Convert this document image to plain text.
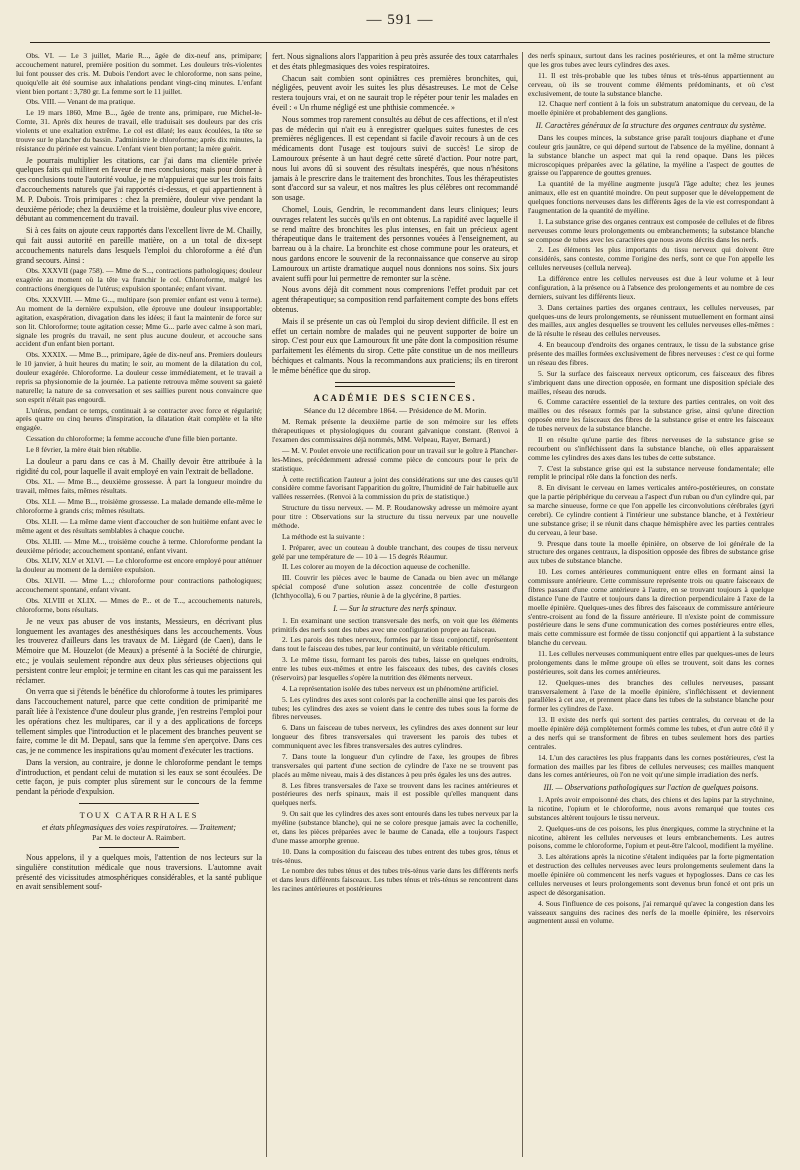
— 591 —

Obs. VI. — Le 3 juillet, Marie R..., âgée de dix-neuf ans, primipare; accouchement naturel, première position du sommet. Les douleurs très-violentes lui font pousser des cris. M. Dubois l'endort avec le chloroforme, non sans peine, quoiqu'elle ait été soumise aux inhalations pendant vingt-cinq minutes. L'enfant vient bien portant : 3,780 gr. La femme sort le 11 juillet.

Obs. VIII. — Venant de ma pratique.

Le 19 mars 1860, Mme B..., âgée de trente ans, primipare, rue Michel-le-Comte, 31. Après dix heures de travail, elle traduisait ses douleurs par des cris violents et une exaltation extrême. Le col est dilaté; les eaux écoulées, la tête se trouve sur le plancher du bassin. J'administre le chloroforme; après dix minutes, la résistance du périnée est vaincue. L'enfant vient bien portant; la mère guérit.

Je pourrais multiplier les citations, car j'ai dans ma clientèle privée quelques faits qui militent en faveur de mes conclusions; mais pour donner à ces conclusions toute l'autorité voulue, je ne m'appuierai que sur les trois faits d'accouchements naturels que j'ai rapportés ci-dessus, et qui appartiennent à M. P. Dubois. Trois primipares : chez la première, douleur vive pendant la deuxième période; chez la deuxième et la troisième, douleur plus vive encore, débutant au commencement du travail.

Si à ces faits on ajoute ceux rapportés dans l'excellent livre de M. Chailly, qui fait aussi autorité en pareille matière, on a un total de dix-sept accouchements naturels dans lesquels l'emploi du chloroforme a été d'un grand secours. Ainsi :

Obs. XXXVII (page 758). — Mme de S..., contractions pathologiques; douleur exagérée au moment où la tête va franchir le col. Chloroforme, malgré les contractions énergiques de l'utérus; expulsion spontanée; enfant vivant.

Obs. XXXVIII. — Mme G..., multipare (son premier enfant est venu à terme). Au moment de la dernière expulsion, elle éprouve une douleur insupportable; agitation, exaspération, divagation dans les idées; il faut la maintenir de force sur son lit. Chloroforme; toute agitation cesse; Mme G... parle avec calme à son mari, signale les progrès du travail, ne sent plus aucune douleur, et accouche sans accident d'un enfant bien portant.

Obs. XXXIX. — Mme B..., primipare, âgée de dix-neuf ans. Premiers douleurs le 10 janvier, à huit heures du matin; le soir, au moment de la dilatation du col, douleur exagérée. Chloroforme. La douleur cesse immédiatement, et le travail a repris sa physionomie de la journée. La patiente retrouva même souvent sa gaieté naturelle; la nature de sa conversation et ses saillies purent nous convaincre que son esprit n'était pas engourdi.

L'utérus, pendant ce temps, continuait à se contracter avec force et régularité; après quatre ou cinq heures d'inspiration, la dilatation était complète et la tête engagée.

Cessation du chloroforme; la femme accouche d'une fille bien portante.

Le 8 février, la mère était bien rétablie.

La douleur a paru dans ce cas à M. Chailly devoir être attribuée à la rigidité du col, pour laquelle il avait employé en vain l'extrait de belladone.

Obs. XL. — Mme B..., deuxième grossesse. À part la longueur moindre du travail, mêmes faits, mêmes résultats.

Obs. XLI. — Mme B..., troisième grossesse. La malade demande elle-même le chloroforme à grands cris; mêmes résultats.

Obs. XLII. — La même dame vient d'accoucher de son huitième enfant avec le même agent et des résultats semblables à chaque couche.

Obs. XLIII. — Mme M..., troisième couche à terme. Chloroforme pendant la deuxième période; accouchement spontané, enfant vivant.

Obs. XLIV, XLV et XLVI. — Le chloroforme est encore employé pour atténuer la douleur au moment de la dernière expulsion.

Obs. XLVII. — Mme L...; chloroforme pour contractions pathologiques; accouchement spontané, enfant vivant.

Obs. XLVIII et XLIX. — Mmes de P... et de T..., accouchements naturels, chloroforme, bons résultats.

Je ne veux pas abuser de vos instants, Messieurs, en décrivant plus longuement les avantages des anesthésiques dans les accouchements. Vous les trouverez d'ailleurs dans les travaux de M. Liègard (de Caen), dans le Mémoire que M. Houzelot (de Meaux) a présenté à la Société de chirurgie, etc.; je voulais seulement répondre aux deux plus sérieuses objections qui persistent contre leur emploi; je termine en citant les cas qui me paraissent les réclamer.

On verra que si j'étends le bénéfice du chloroforme à toutes les primipares dans l'accouchement naturel, parce que cette condition de primiparité me paraît liée à l'existence d'une douleur plus grande, j'en restreins l'emploi pour les opérations chez les multipares, car il y a des applications de forceps tellement simples que l'introduction et le placement des branches peuvent se faire, comme le dit M. Depaul, sans que la femme s'en aperçoive. Dans ces cas, je ne commence les inspirations qu'au moment d'exécuter les tractions.

Dans la version, au contraire, je donne le chloroforme pendant le temps d'introduction, et pendant celui de mutation si les eaux se sont écoulées. De cette façon, je puis compter plus sûrement sur le concours de la femme pendant la période d'expulsion.

TOUX CATARRHALES
et états phlegmasiques des voies respiratoires. — Traitement;
Par M. le docteur A. Raimbert.

Nous appelons, il y a quelques mois, l'attention de nos lecteurs sur la singulière constitution médicale que nous traversions. L'automne avait présenté des vicissitudes atmosphériques considérables, et la santé publique en avait sensiblement souf-

fert. Nous signalions alors l'apparition à peu près assurée des toux catarrhales et des états phlegmasiques des voies respiratoires.

Chacun sait combien sont opiniâtres ces premières bronchites, qui, négligées, peuvent avoir les suites les plus désastreuses. Le mot de Celse restera toujours vrai, et on ne saurait trop le répéter pour tenir les malades en éveil : « Un rhume négligé est une phthisie commencée. »

Nous sommes trop rarement consultés au début de ces affections, et il n'est pas de médecin qui n'ait eu à enregistrer quelques suites funestes de ces premières négligences. Il est cependant si facile d'avoir recours à un de ces médicaments dont l'usage est toujours suivi de succès! Le sirop de Lamouroux présente à un haut degré cette sûreté d'action. Pour notre part, nous lui avons dû si souvent des résultats inespérés, que nous n'hésitons jamais à le prescrire dans le traitement des bronchites. Tous les thérapeutistes sont d'accord sur sa valeur, et nos maîtres les plus célèbres ont recommandé son usage.

Chomel, Louis, Gendrin, le recommandent dans leurs cliniques; leurs ouvrages relatent les succès qu'ils en ont obtenus. La rapidité avec laquelle il se rend maître des bronchites les plus intenses, en fait un précieux agent thérapeutique dans le traitement des personnes vouées à l'enseignement, au barreau ou à la chaire. La bronchite est chose commune pour les orateurs, et nous gardons encore le souvenir de la reconnaissance que conserve au sirop Lamouroux un artiste dramatique auquel nous donnions nos soins. Six jours avaient suffi pour lui permettre de remonter sur la scène.

Nous avons déjà dit comment nous comprenions l'effet produit par cet agent thérapeutique; sa composition rend parfaitement compte des bons effets obtenus.

Mais il se présente un cas où l'emploi du sirop devient difficile. Il est en effet un certain nombre de malades qui ne peuvent supporter de boire un sirop. C'est pour eux que Lamouroux fit une pâte dont la composition résume parfaitement les éléments du sirop. Cette pâte constitue un de nos meilleurs béchiques et calmants. Nous la recommandons aux praticiens; ils en tireront le même bénéfice que du sirop.

ACADÉMIE DES SCIENCES.
Séance du 12 décembre 1864. — Présidence de M. Morin.

M. Remak présente la deuxième partie de son mémoire sur les effets thérapeutiques et physiologiques du courant galvanique constant. (Renvoi à l'examen des commissaires déjà nommés, MM. Velpeau, Rayer, Bernard.)

— M. V. Poulet envoie une rectification pour un travail sur le goître à Plancher-les-Mines, précédemment adressé comme pièce de concours pour le prix de statistique.

À cette rectification l'auteur a joint des considérations sur une des causes qu'il considère comme favorisant l'apparition du goître, l'humidité de l'air habituelle aux vallées resserrées. (Renvoi à la commission du prix de statistique.)

Structure du tissu nerveux. — M. P. Roudanowsky adresse un mémoire ayant pour titre : Observations sur la structure du tissu nerveux par une nouvelle méthode.

La méthode est la suivante :

I. Préparer, avec un couteau à double tranchant, des coupes de tissu nerveux gelé par une température de — 10 à — 15 degrés Réaumur.

II. Les colorer au moyen de la décoction aqueuse de cochenille.

III. Couvrir les pièces avec le baume de Canada ou bien avec un mélange spécial composé d'une solution assez concentrée de colle d'esturgeon (Ichthyocolla), 6 ou 7 parties, réunie à de la glycérine, 8 parties.

I. — Sur la structure des nerfs spinaux.

1. En examinant une section transversale des nerfs, on voit que les éléments primitifs des nerfs sont des tubes avec une configuration propre au faisceau.

2. Les parois des tubes nerveux, formées par le tissu conjonctif, représentent dans tout le faisceau des tubes, par leur continuité, un véritable réticulum.

3. Le même tissu, formant les parois des tubes, laisse en quelques endroits, entre les tubes eux-mêmes et entre les faisceaux des tubes, des cavités closes (réservoirs) par lesquelles s'opère la nutrition des éléments nerveux.

4. La représentation isolée des tubes nerveux est un phénomène artificiel.

5. Les cylindres des axes sont colorés par la cochenille ainsi que les parois des tubes; les cylindres des axes se voient dans le centre des tubes sous la forme de fibres nerveuses.

6. Dans un faisceau de tubes nerveux, les cylindres des axes donnent sur leur longueur des fibres transversales qui traversent les parois des tubes et communiquent avec les fibres transversales des autres cylindres.

7. Dans toute la longueur d'un cylindre de l'axe, les groupes de fibres transversales qui partent d'une section de cylindre de l'axe ne se trouvent pas placés au même niveau, mais à des distances à peu près égales les uns des autres.

8. Les fibres transversales de l'axe se trouvent dans les racines antérieures et postérieures des nerfs spinaux, mais il est possible qu'elles manquent dans quelques nerfs.

9. On sait que les cylindres des axes sont entourés dans les tubes nerveux par la myéline (substance blanche), qui ne se colore presque jamais avec la cochenille, et, dans les pièces préparées avec le baume de Canada, elle a toujours l'aspect d'une masse amorphe grenue.

10. Dans la composition du faisceau des tubes entrent des tubes gros, ténus et très-ténus.

Le nombre des tubes ténus et des tubes très-ténus varie dans les différents nerfs et dans leurs différents faisceaux. Les tubes ténus et très-ténus se rencontrent dans les racines antérieures et postérieures

des nerfs spinaux, surtout dans les racines postérieures, et ont la même structure que les gros tubes avec leurs cylindres des axes.

11. Il est très-probable que les tubes ténus et très-ténus appartiennent au cerveau, où ils se trouvent comme éléments prédominants, et où c'est exclusivement, de toute la substance blanche.

12. Chaque nerf contient à la fois un substratum anatomique du cerveau, de la moelle épinière et probablement des ganglions.

II. Caractères généraux de la structure des organes centraux du système.

Dans les coupes minces, la substance grise paraît toujours diaphane et d'une couleur gris jaunâtre, ce qui dépend surtout de l'absence de la myéline, donnant à la substance blanche un aspect mat qui la rend opaque. Dans les pièces microscopiques préparées avec la gélatine, la myéline a l'aspect de gouttes de graisse ou l'apparence de gouttes grenues.

La quantité de la myéline augmente jusqu'à l'âge adulte; chez les jeunes animaux, elle est en quantité moindre. On peut supposer que le développement de quelques fonctions nerveuses dans les différents âges de la vie est correspondant à l'augmentation de la quantité de myéline.

1. La substance grise des organes centraux est composée de cellules et de fibres nerveuses comme leurs prolongements ou embranchements; la substance blanche se compose de tubes avec les caractères que nous avons décrits dans les nerfs.

2. Les éléments les plus importants du tissu nerveux qui doivent être considérés, sans conteste, comme l'origine des nerfs, sont ce que l'on appelle les cellules nerveuses (cellula nervea).

La différence entre les cellules nerveuses est due à leur volume et à leur configuration, à la présence ou à l'absence des prolongements et au nombre de ces derniers, suivant les différents lieux.

3. Dans certaines parties des organes centraux, les cellules nerveuses, par quelques-uns de leurs prolongements, se réunissent mutuellement en formant ainsi des mailles, aux angles desquelles se trouvent les cellules nerveuses elles-mêmes : de là résulte le réseau des cellules nerveuses.

4. En beaucoup d'endroits des organes centraux, le tissu de la substance grise présente des mailles formées exclusivement de fibres nerveuses : c'est ce qui forme un réseau des fibres.

5. Sur la surface des faisceaux nerveux opticorum, ces faisceaux des fibres s'imbriquent dans une direction opposée, en formant une disposition spéciale des mailles, réseau des nœuds.

6. Comme caractère essentiel de la texture des parties centrales, on voit des mailles ou des réseaux formés par la substance grise, ainsi qu'une direction opposée entre les faisceaux des fibres de la substance grise et entre les faisceaux de tubes nerveux de la substance blanche.

Il en résulte qu'une partie des fibres nerveuses de la substance grise se recourbent ou s'infléchissent dans la substance blanche, où elles apparaissent comme les cylindres des axes dans les tubes de cette substance.

7. C'est la substance grise qui est la substance nerveuse fondamentale; elle remplit le principal rôle dans la fonction des nerfs.

8. En divisant le cerveau en lames verticales antéro-postérieures, on constate que la partie périphérique du cerveau a l'aspect d'un ruban ou d'un cylindre qui, par sa marche sinueuse, forme ce que l'on appelle les circonvolutions cérébrales (gyri cerebri). Ce cylindre contient à l'intérieur une substance blanche, et à l'extérieur une substance grise; il se réunit dans chaque hémisphère avec les parties centrales du cerveau, à leur base.

9. Presque dans toute la moelle épinière, on observe de loi générale de la structure des organes centraux, la disposition opposée des fibres de substance grise aux tubes de substance blanche.

10. Les cornes antérieures communiquent entre elles en formant ainsi la commissure antérieure. Cette commissure représente trois ou quatre faisceaux de fibres passant d'une corne antérieure à l'autre, en se trouvant toujours à quelque distance l'une de l'autre et toujours dans la direction perpendiculaire à l'axe de la moelle épinière. Quelques-unes des fibres des faisceaux de commissure antérieure s'entre-croisent au fond de la fissure antérieure. Il n'existe point de commissure postérieure dans le sens d'une communication des cornes postérieures entre elles, mais cette commissure est formée de tissu conjonctif qui appartient à la substance blanche du cerveau.

11. Les cellules nerveuses communiquent entre elles par quelques-unes de leurs prolongements dans le même groupe où elles se trouvent, soit dans les cornes postérieures, soit dans les cornes antérieures.

12. Quelques-unes des branches des cellules nerveuses, passant transversalement à l'axe de la moelle épinière, s'infléchissent et deviennent parallèles à cet axe, et prennent place dans les tubes de la substance blanche pour former les cylindres de l'axe.

13. Il existe des nerfs qui sortent des parties centrales, du cerveau et de la moelle épinière déjà complètement formés comme les tubes, et d'un autre côté il y a des nerfs qui se transforment de fibres en tubes seulement hors des parties centrales.

14. L'un des caractères les plus frappants dans les cornes postérieures, c'est la formation des mailles par les fibres de cellules nerveuses; ces mailles manquent dans les cornes antérieures, où l'on ne voit qu'une simple irradiation des nerfs.

III. — Observations pathologiques sur l'action de quelques poisons.

1. Après avoir empoisonné des chats, des chiens et des lapins par la strychnine, la nicotine, l'opium et le chloroforme, nous avons remarqué que toutes ces substances altèrent toujours le tissu nerveux.

2. Quelques-uns de ces poisons, les plus énergiques, comme la strychnine et la nicotine, altèrent les cellules nerveuses et leurs embranchements. Les autres poisons, comme le chloroforme, l'opium et peut-être l'alcool, modifient la myéline.

3. Les altérations après la nicotine s'étalent indiquées par la forte pigmentation et destruction des cellules nerveuses avec leurs prolongements seulement dans la moelle épinière où commencent les nerfs vagues et hypoglosses. Dans ce cas les cellules nerveuses et leurs prolongements sont devenus brun foncé et ont pris un aspect de désorganisation.

4. Sous l'influence de ces poisons, j'ai remarqué qu'avec la congestion dans les vaisseaux sanguins des racines des nerfs de la moelle épinière, les réservoirs augmentent aussi en volume.
